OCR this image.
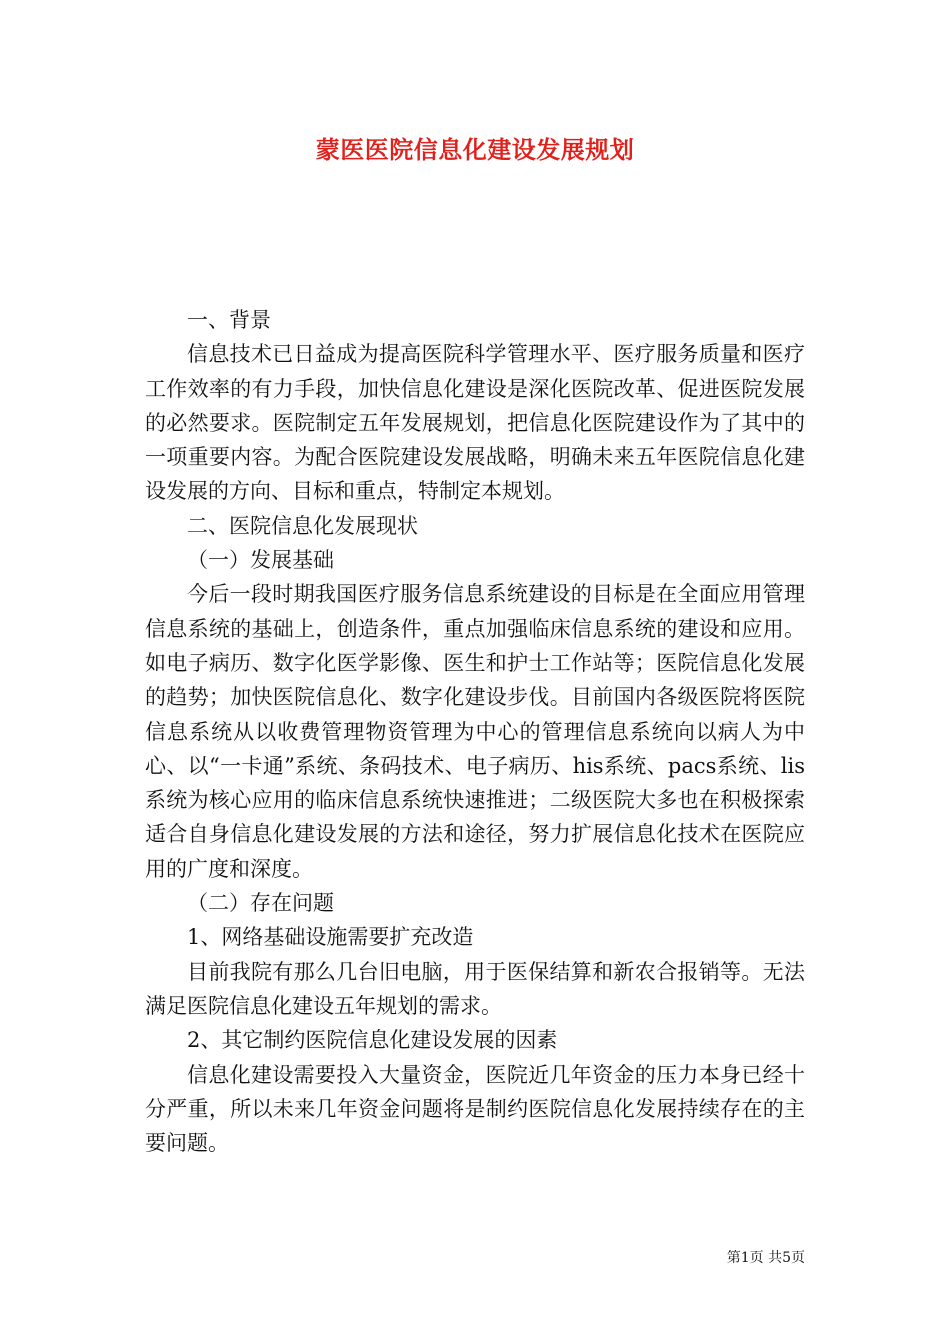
蒙医医院信息化建设发展规划

一、背景

信息技术已日益成为提高医院科学管理水平、医疗服务质量和医疗工作效率的有力手段，加快信息化建设是深化医院改革、促进医院发展的必然要求。医院制定五年发展规划，把信息化医院建设作为了其中的一项重要内容。为配合医院建设发展战略，明确未来五年医院信息化建设发展的方向、目标和重点，特制定本规划。

二、医院信息化发展现状

（一）发展基础

今后一段时期我国医疗服务信息系统建设的目标是在全面应用管理信息系统的基础上，创造条件，重点加强临床信息系统的建设和应用。如电子病历、数字化医学影像、医生和护士工作站等；医院信息化发展的趋势；加快医院信息化、数字化建设步伐。目前国内各级医院将医院信息系统从以收费管理物资管理为中心的管理信息系统向以病人为中心、以“一卡通”系统、条码技术、电子病历、his系统、pacs系统、lis系统为核心应用的临床信息系统快速推进；二级医院大多也在积极探索适合自身信息化建设发展的方法和途径，努力扩展信息化技术在医院应用的广度和深度。

（二）存在问题

1、网络基础设施需要扩充改造

目前我院有那么几台旧电脑，用于医保结算和新农合报销等。无法满足医院信息化建设五年规划的需求。

2、其它制约医院信息化建设发展的因素

信息化建设需要投入大量资金，医院近几年资金的压力本身已经十分严重，所以未来几年资金问题将是制约医院信息化发展持续存在的主要问题。

第1页 共5页
